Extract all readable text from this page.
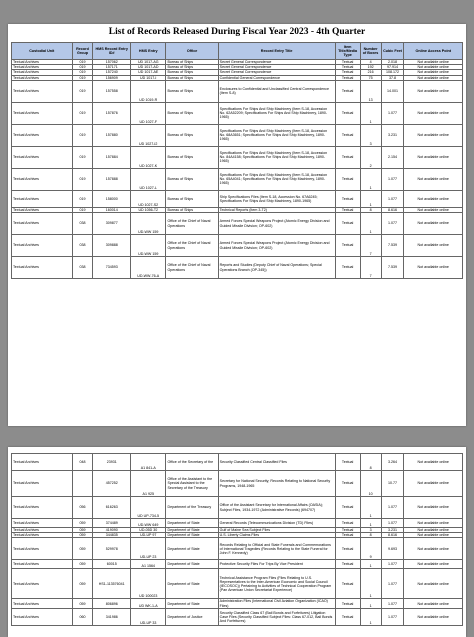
List of Records Released During Fiscal Year 2023 - 4th Quarter
Custodial Unit	Record Group	HMS Record Entry ID#	HMS Entry	Office	Record Entry Title	Item Title/Media Type	Number of Boxes	Cubic Feet	Online Access Point
Textual Archives	019	157062	UD 1017-AG	Bureau of Ships	Secret General Correspondence	Textual	4	2.018	Not available online
Textual Archives	019	157171	UD 1017-AD	Bureau of Ships	Secret General Correspondence	Textual	192	97.914	Not available online
Textual Archives	019	157240	UD 1017-AE	Bureau of Ships	Secret General Correspondence	Textual	216	108.172	Not available online
Textual Archives	019	156909	UD 1017-I	Bureau of Ships	Confidential General Correspondence	Textual	75	37.8	Not available online
Textual Archives	019	157558	UD 1019-R	Bureau of Ships	Enclosures to Confidential and Unclassified Central Correspondence (Item S-8)	Textual	13	14.001	Not available online
Textual Archives	019	157876	UD 1027-F	Bureau of Ships	Specifications For Ships And Ship Machinery (Item S-18, Accession No. 62A52209; Specifications For Ships And Ship Machinery, 1890-1965)	Textual	1	1.077	Not available online
Textual Archives	019	157880	UD 1027-I2	Bureau of Ships	Specifications For Ships And Ship Machinery (Item S-18, Accession No. 68A3651; Specifications For Ships And Ship Machinery, 1890-1965)	Textual	3	3.231	Not available online
Textual Archives	019	157884	UD 1027-K	Bureau of Ships	Specifications For Ships And Ship Machinery (Item S-18, Accession No. 84A4158; Specifications For Ships And Ship Machinery, 1890-1965)	Textual	2	2.154	Not available online
Textual Archives	019	157888	UD 1027-L	Bureau of Ships	Specifications For Ships And Ship Machinery (Item S-18, Accession No. 65A4041; Specifications For Ships And Ship Machinery, 1890-1965)	Textual	1	1.077	Not available online
Textual Archives	019	158000	UD 1027-S2	Bureau of Ships	Ship Specifications Files (Item S-18, Accession No. 67A6245; Specifications For Ships And Ship Machinery, 1890-1965)	Textual	1	1.077	Not available online
Textual Archives	019	160014	UD 1056-T2	Bureau of Ships	Technical Reports (Item 3-T2)	Textual	8	8.616	Not available online
Textual Archives	038	309877	UD-WW 159	Office of the Chief of Naval Operations	Armed Forces Special Weapons Project (Atomic Energy Division and Guided Missile Division; OP-602)	Textual	1	1.077	Not available online
Textual Archives	038	309888	UD-WW 159	Office of the Chief of Naval Operations	Armed Forces Special Weapons Project (Atomic Energy Division and Guided Missile Division; OP-602)	Textual	7	7.539	Not available online
Textual Archives	038	734593	UD-WW-76-A	Office of the Chief of Naval Operations	Reports and Studies (Deputy Chief of Naval Operations; Special Operations Branch (OP-345))	Textual	7	7.539	Not available online
Textual Archives	048	23931	A1 841-A	Office of the Secretary of the	Security Classified Central Classified Files	Textual	8	3.264	Not available online
Textual Archives		457252	A1 925	Office of the Assistant to the Special Assistant to the Secretary of the Treasury	Secretary for National Security; Records Relating to National Security Programs, 1948-1965	Textual	10	10.77	Not available online
Textual Archives	056	616263	UD UP-734-5	Department of the Treasury	Office of the Assistant Secretary for International Affairs (OASIA); Subject Files, 1934-1972 (Administrative Records) (694707)	Textual	1	1.077	Not available online
Textual Archives	059	374489	UD-WW 649	Department of State	General Records (Telecommunications Division (TD) Files)	Textual	1	1.077	Not available online
Textual Archives	059	419090	UD-05D 30	Department of State	Gulf of Maine Sea Subject Files	Textual	3	3.231	Not available online
Textual Archives	059	344835	UD-UP 97	Department of State	U.S. Liberty Claims Files	Textual	8	8.616	Not available online
Textual Archives	059	529978	UD-UP 23	Department of State	Records Relating to Official and State Funerals and Commemorations of International Tragedies (Records Relating to the State Funeral for John F. Kennedy)	Textual	9	9.693	Not available online
Textual Archives	059	60015	A1 1564	Department of State	Protective Security Files For Trips By Vice President	Textual	1	1.077	Not available online
Textual Archives	059	HS1-113576041	UD 100023	Department of State	Technical Assistance Program Files (Files Relating to U.S. Representatives to the Inter-American Economic and Social Council (IECOSOC)) Pertaining to Activities of Technical Cooperation Program (Pan American Union Secretariat Experience)	Textual	1	1.077	Not available online
Textual Archives	059	806896	UD WK-1-A	Department of State	Administration Files (International Civil Aviation Organization (ICAO) Files)	Textual	1	1.077	Not available online
Textual Archives	060	341986	UD-UP 33	Department of Justice	Security Classified Class 67 (Bail Bonds and Forfeitures) Litigation Case Files (Security Classified Subject Files: Class 67-012, Bail Bonds And Forfeitures)	Textual	1	1.077	Not available online
